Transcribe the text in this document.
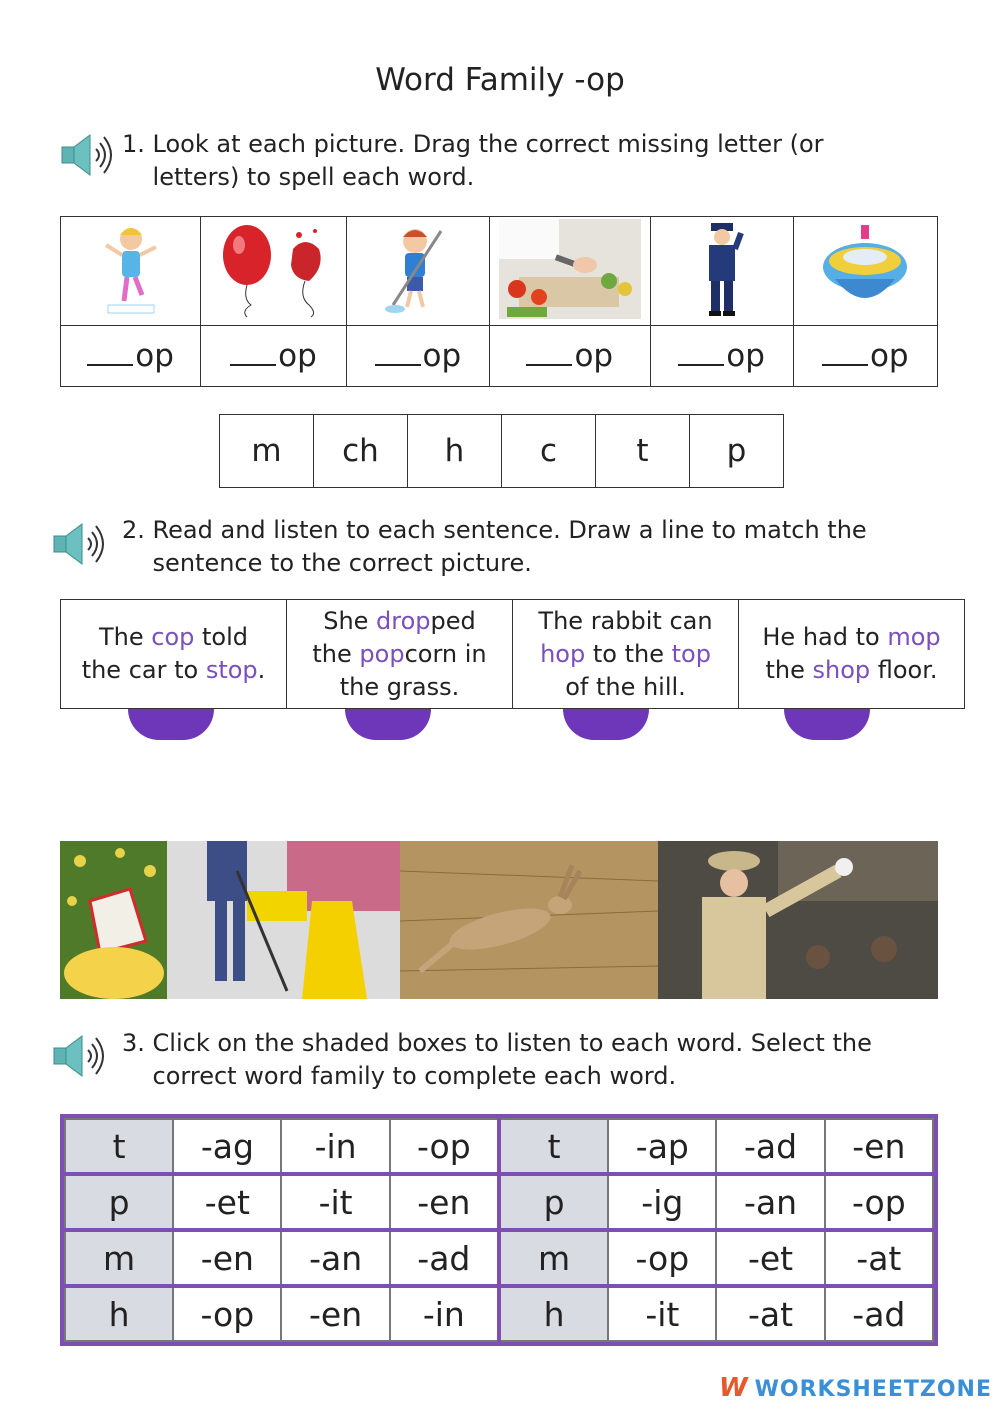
Word Family -op
1. Look at each picture. Drag the correct missing letter (or letters) to spell each word.

op	op	op	op	op	op
m	ch	h	c	t	p
2. Read and listen to each sentence. Draw a line to match the sentence to the correct picture.
The cop told
the car to stop.	She dropped
the popcorn in
the grass.	The rabbit can
hop to the top
of the hill.	He had to mop
the shop floor.
3. Click on the shaded boxes to listen to each word. Select the correct word family to complete each word.
t	-ag	-in	-op	t	-ap	-ad	-en
p	-et	-it	-en	p	-ig	-an	-op
m	-en	-an	-ad	m	-op	-et	-at
h	-op	-en	-in	h	-it	-at	-ad
W WORKSHEETZONE
